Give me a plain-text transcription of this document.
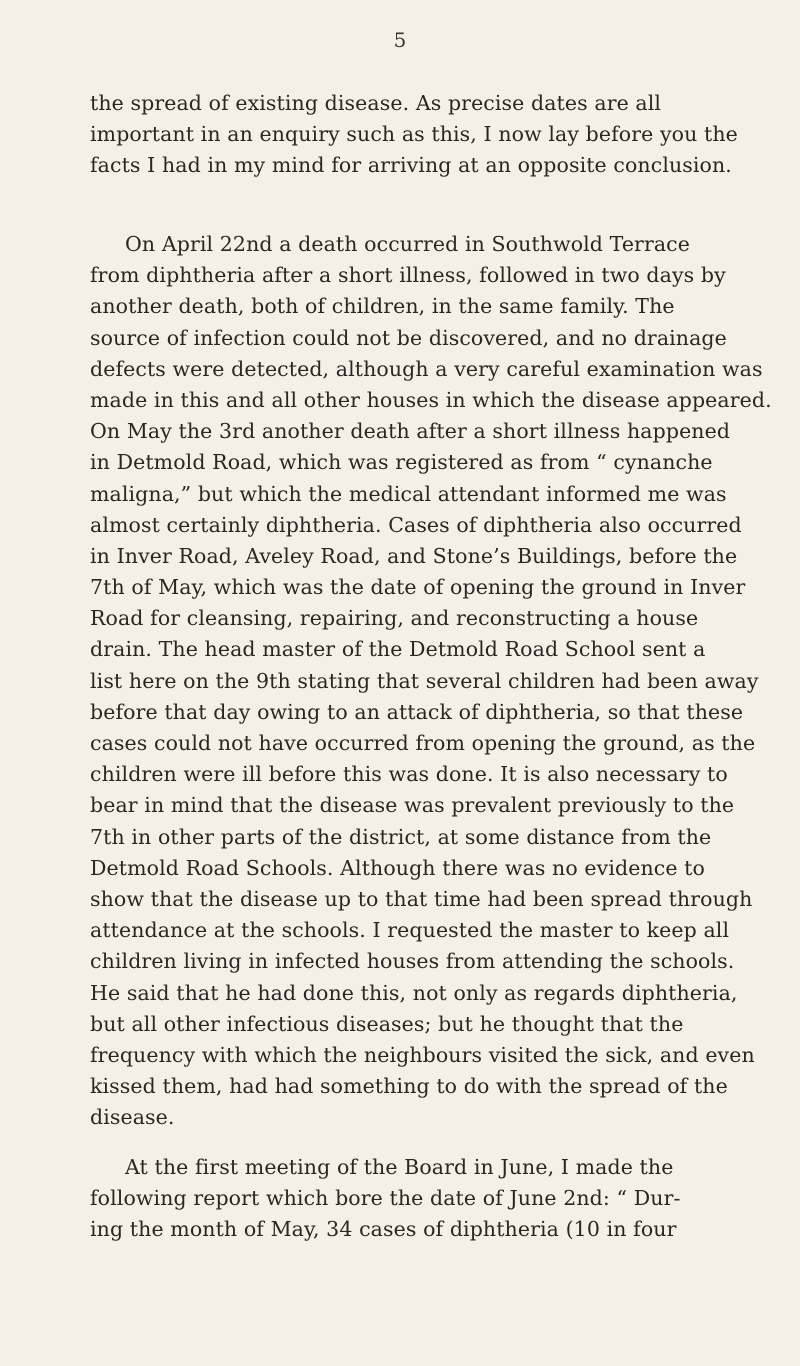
5
the spread of existing disease. As precise dates are all
important in an enquiry such as this, I now lay before you the
facts I had in my mind for arriving at an opposite conclusion.
On April 22nd a death occurred in Southwold Terrace
from diphtheria after a short illness, followed in two days by
another death, both of children, in the same family. The
source of infection could not be discovered, and no drainage
defects were detected, although a very careful examination was
made in this and all other houses in which the disease appeared.
On May the 3rd another death after a short illness happened
in Detmold Road, which was registered as from “ cynanche
maligna,” but which the medical attendant informed me was
almost certainly diphtheria. Cases of diphtheria also occurred
in Inver Road, Aveley Road, and Stone’s Buildings, before the
7th of May, which was the date of opening the ground in Inver
Road for cleansing, repairing, and reconstructing a house
drain. The head master of the Detmold Road School sent a
list here on the 9th stating that several children had been away
before that day owing to an attack of diphtheria, so that these
cases could not have occurred from opening the ground, as the
children were ill before this was done. It is also necessary to
bear in mind that the disease was prevalent previously to the
7th in other parts of the district, at some distance from the
Detmold Road Schools. Although there was no evidence to
show that the disease up to that time had been spread through
attendance at the schools. I requested the master to keep all
children living in infected houses from attending the schools.
He said that he had done this, not only as regards diphtheria,
but all other infectious diseases; but he thought that the
frequency with which the neighbours visited the sick, and even
kissed them, had had something to do with the spread of the
disease.
At the first meeting of the Board in June, I made the
following report which bore the date of June 2nd: “ Dur-
ing the month of May, 34 cases of diphtheria (10 in four
